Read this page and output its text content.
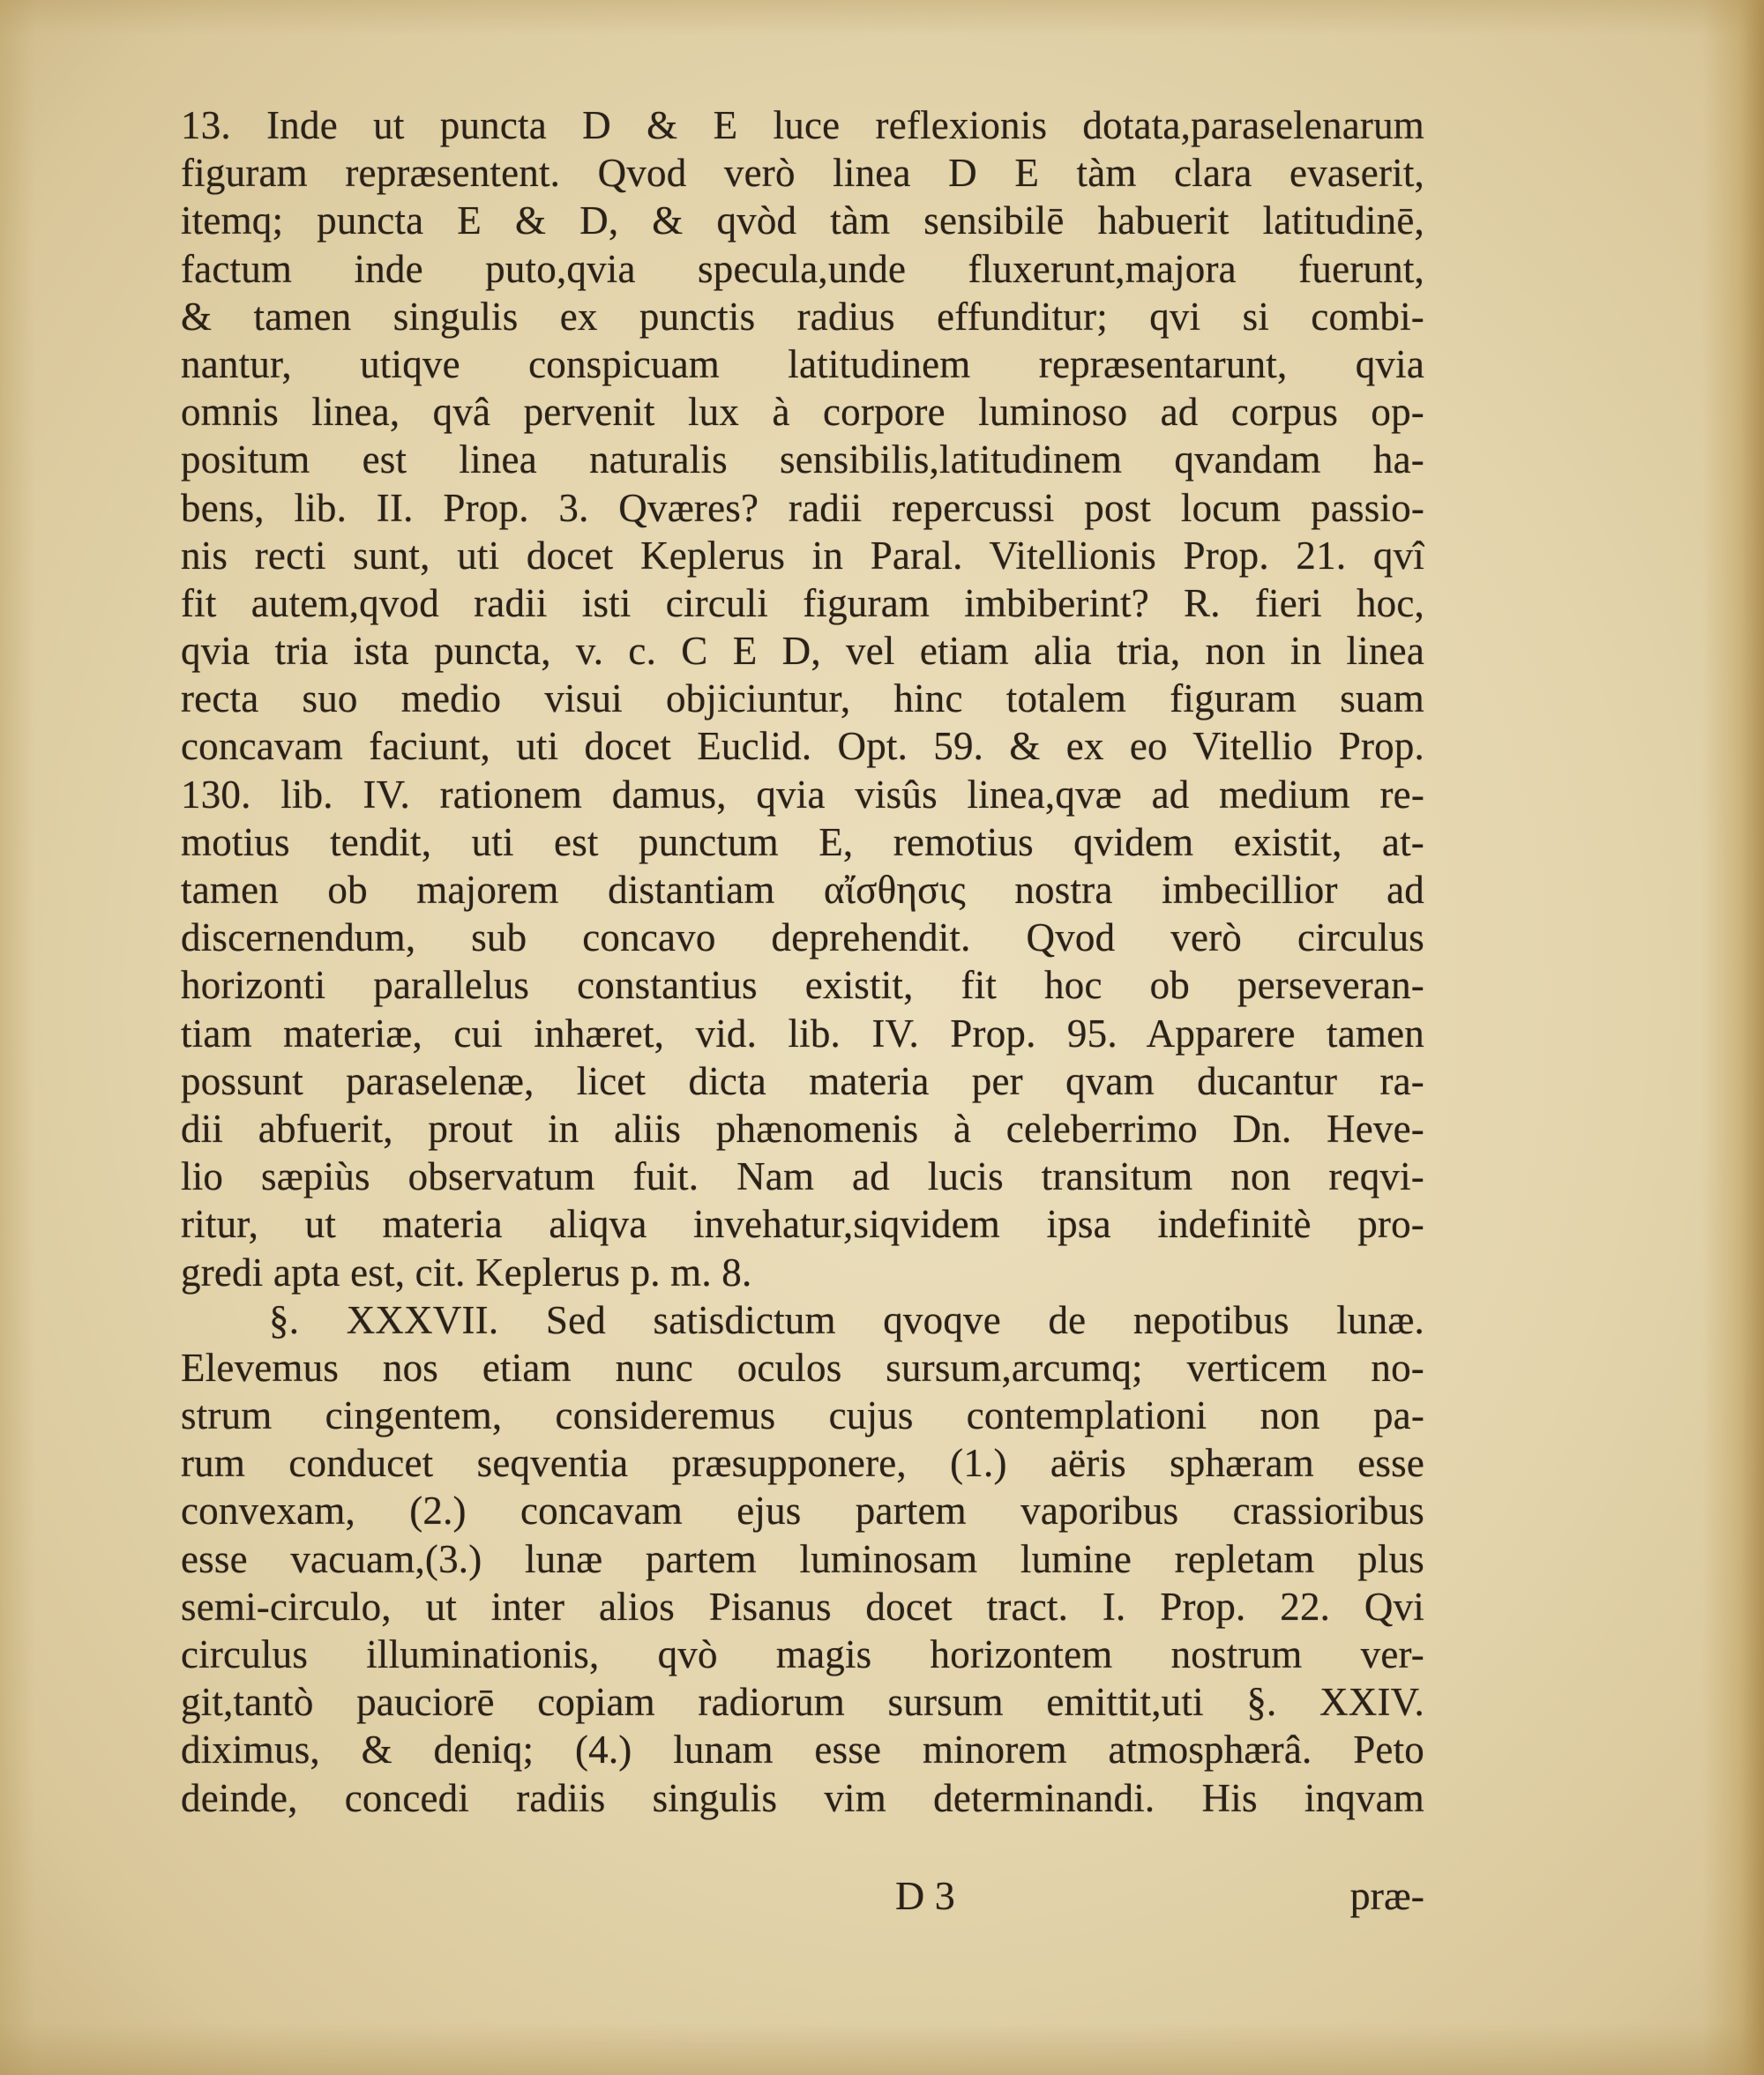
13. Inde ut puncta D & E luce reflexionis dotata,paraselenarum
figuram repræsentent. Qvod verò linea D E tàm clara evaserit,
itemq; puncta E & D, & qvòd tàm sensibilē habuerit latitudinē,
factum inde puto,qvia specula,unde fluxerunt,majora fuerunt,
& tamen singulis ex punctis radius effunditur; qvi si combi-
nantur, utiqve conspicuam latitudinem repræsentarunt, qvia
omnis linea, qvâ pervenit lux à corpore luminoso ad corpus op-
positum est linea naturalis sensibilis,latitudinem qvandam ha-
bens, lib. II. Prop. 3. Qværes? radii repercussi post locum passio-
nis recti sunt, uti docet Keplerus in Paral. Vitellionis Prop. 21. qvî
fit autem,qvod radii isti circuli figuram imbiberint? R. fieri hoc,
qvia tria ista puncta, v. c. C E D, vel etiam alia tria, non in linea
recta suo medio visui objiciuntur, hinc totalem figuram suam
concavam faciunt, uti docet Euclid. Opt. 59. & ex eo Vitellio Prop.
130. lib. IV. rationem damus, qvia visûs linea,qvæ ad medium re-
motius tendit, uti est punctum E, remotius qvidem existit, at-
tamen ob majorem distantiam αἴσθησις nostra imbecillior ad
discernendum, sub concavo deprehendit. Qvod verò circulus
horizonti parallelus constantius existit, fit hoc ob perseveran-
tiam materiæ, cui inhæret, vid. lib. IV. Prop. 95. Apparere tamen
possunt paraselenæ, licet dicta materia per qvam ducantur ra-
dii abfuerit, prout in aliis phænomenis à celeberrimo Dn. Heve-
lio sæpiùs observatum fuit. Nam ad lucis transitum non reqvi-
ritur, ut materia aliqva invehatur,siqvidem ipsa indefinitè pro-
gredi apta est, cit. Keplerus p. m. 8.
§. XXXVII. Sed satisdictum qvoqve de nepotibus lunæ.
Elevemus nos etiam nunc oculos sursum,arcumq; verticem no-
strum cingentem, consideremus cujus contemplationi non pa-
rum conducet seqventia præsupponere, (1.) aëris sphæram esse
convexam, (2.) concavam ejus partem vaporibus crassioribus
esse vacuam,(3.) lunæ partem luminosam lumine repletam plus
semi-circulo, ut inter alios Pisanus docet tract. I. Prop. 22. Qvi
circulus illuminationis, qvò magis horizontem nostrum ver-
git,tantò pauciorē copiam radiorum sursum emittit,uti §. XXIV.
diximus, & deniq; (4.) lunam esse minorem atmosphærâ. Peto
deinde, concedi radiis singulis vim determinandi. His inqvam
D 3	præ-
